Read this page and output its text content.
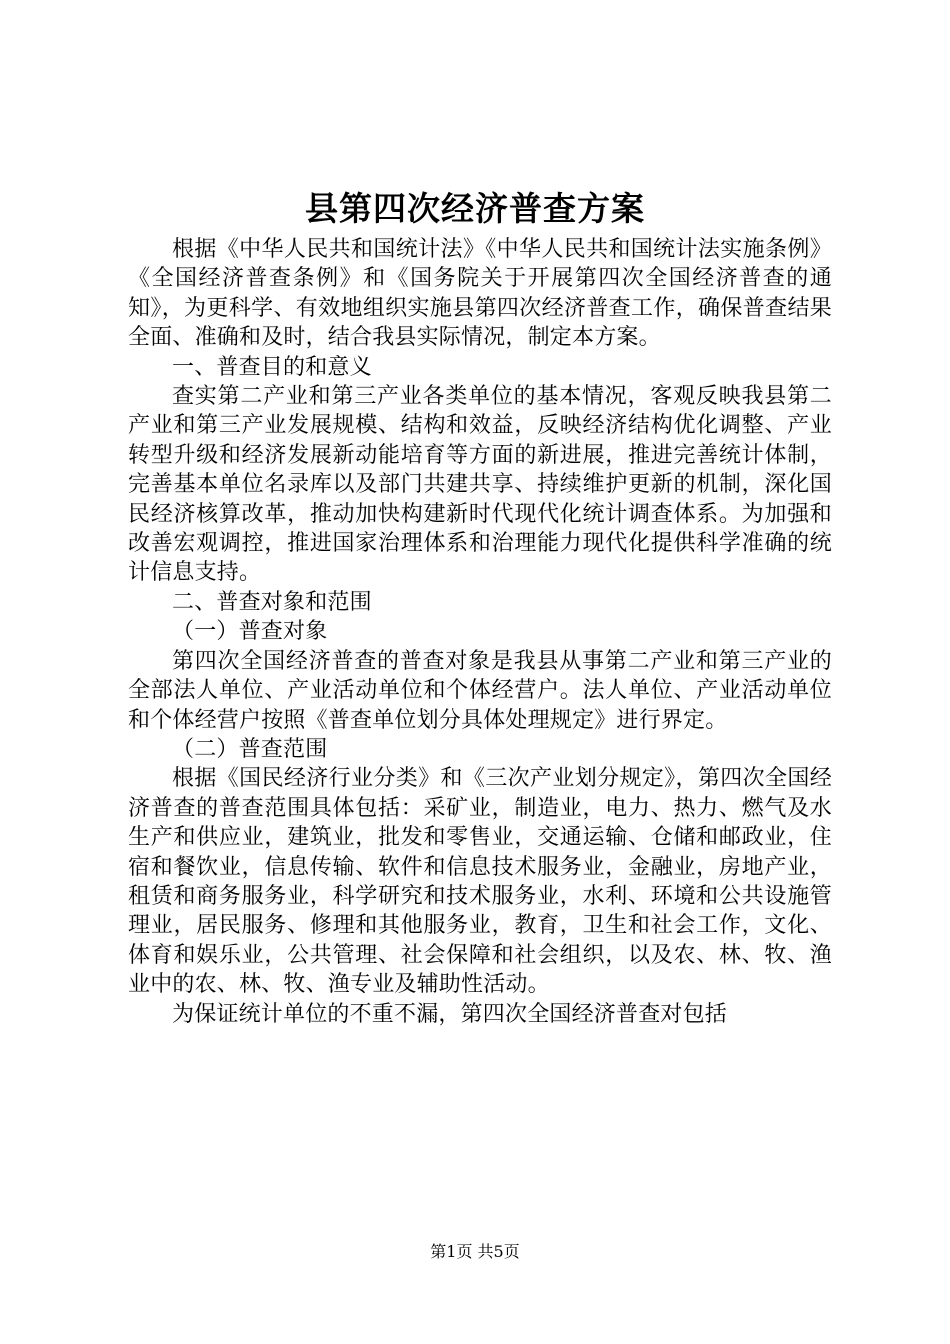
县第四次经济普查方案

根据《中华人民共和国统计法》《中华人民共和国统计法实施条例》《全国经济普查条例》和《国务院关于开展第四次全国经济普查的通知》，为更科学、有效地组织实施县第四次经济普查工作，确保普查结果全面、准确和及时，结合我县实际情况，制定本方案。

一、普查目的和意义

查实第二产业和第三产业各类单位的基本情况，客观反映我县第二产业和第三产业发展规模、结构和效益，反映经济结构优化调整、产业转型升级和经济发展新动能培育等方面的新进展，推进完善统计体制，完善基本单位名录库以及部门共建共享、持续维护更新的机制，深化国民经济核算改革，推动加快构建新时代现代化统计调查体系。为加强和改善宏观调控，推进国家治理体系和治理能力现代化提供科学准确的统计信息支持。

二、普查对象和范围

（一）普查对象

第四次全国经济普查的普查对象是我县从事第二产业和第三产业的全部法人单位、产业活动单位和个体经营户。法人单位、产业活动单位和个体经营户按照《普查单位划分具体处理规定》进行界定。

（二）普查范围

根据《国民经济行业分类》和《三次产业划分规定》，第四次全国经济普查的普查范围具体包括：采矿业，制造业，电力、热力、燃气及水生产和供应业，建筑业，批发和零售业，交通运输、仓储和邮政业，住宿和餐饮业，信息传输、软件和信息技术服务业，金融业，房地产业，租赁和商务服务业，科学研究和技术服务业，水利、环境和公共设施管理业，居民服务、修理和其他服务业，教育，卫生和社会工作，文化、体育和娱乐业，公共管理、社会保障和社会组织，以及农、林、牧、渔业中的农、林、牧、渔专业及辅助性活动。

为保证统计单位的不重不漏，第四次全国经济普查对包括

第1页 共5页
